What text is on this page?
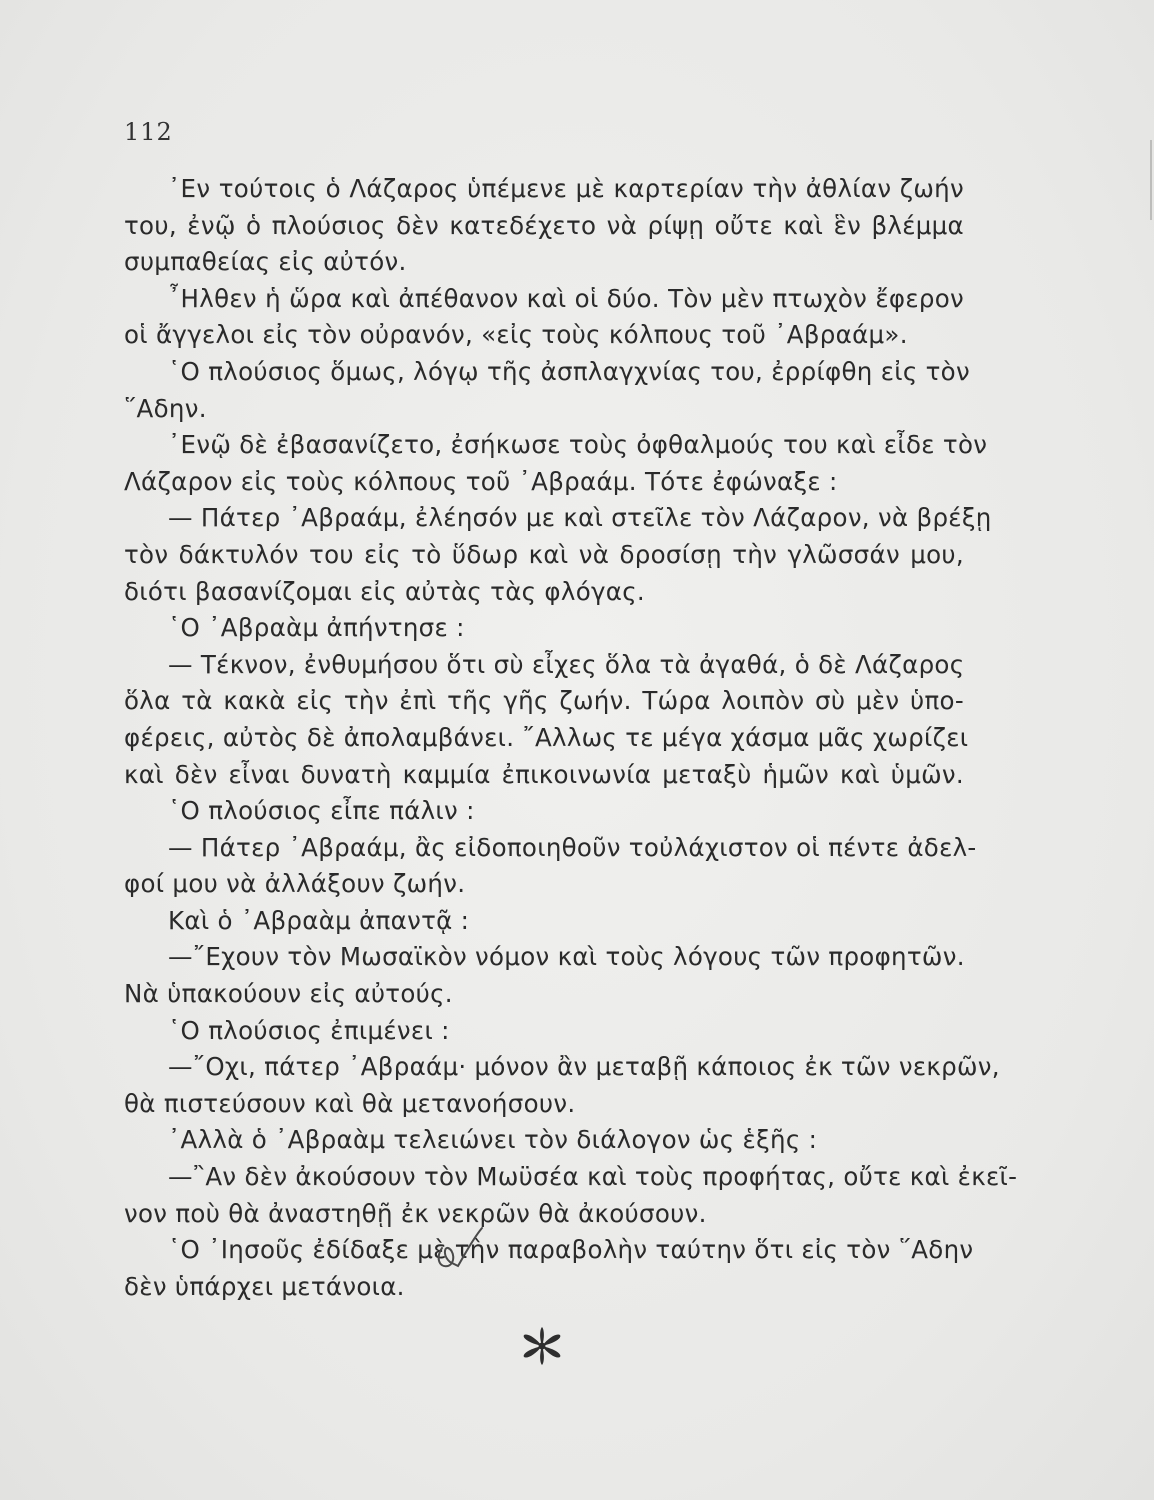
112
᾿Εν τούτοις ὁ Λάζαρος ὑπέμενε μὲ καρτερίαν τὴν ἀθλίαν ζωήν
του, ἐνῷ ὁ πλούσιος δὲν κατεδέχετο νὰ ρίψῃ οὔτε καὶ ἓν βλέμμα
συμπαθείας εἰς αὐτόν.
῏Ηλθεν ἡ ὥρα καὶ ἀπέθανον καὶ οἱ δύο. Τὸν μὲν πτωχὸν ἔφερον
οἱ ἄγγελοι εἰς τὸν οὐρανόν, «εἰς τοὺς κόλπους τοῦ ᾿Αβραάμ».
῾Ο πλούσιος ὅμως, λόγῳ τῆς ἀσπλαγχνίας του, ἐρρίφθη εἰς τὸν
῞Αδην.
᾿Ενῷ δὲ ἐβασανίζετο, ἐσήκωσε τοὺς ὀφθαλμούς του καὶ εἶδε τὸν
Λάζαρον εἰς τοὺς κόλπους τοῦ ᾿Αβραάμ. Τότε ἐφώναξε :
— Πάτερ ᾿Αβραάμ, ἐλέησόν με καὶ στεῖλε τὸν Λάζαρον, νὰ βρέξῃ
τὸν δάκτυλόν του εἰς τὸ ὕδωρ καὶ νὰ δροσίσῃ τὴν γλῶσσάν μου,
διότι βασανίζομαι εἰς αὐτὰς τὰς φλόγας.
῾Ο ᾿Αβραὰμ ἀπήντησε :
— Τέκνον, ἐνθυμήσου ὅτι σὺ εἶχες ὅλα τὰ ἀγαθά, ὁ δὲ Λάζαρος
ὅλα τὰ κακὰ εἰς τὴν ἐπὶ τῆς γῆς ζωήν. Τώρα λοιπὸν σὺ μὲν ὑπο-
φέρεις, αὐτὸς δὲ ἀπολαμβάνει. ῎Αλλως τε μέγα χάσμα μᾶς χωρίζει
καὶ δὲν εἶναι δυνατὴ καμμία ἐπικοινωνία μεταξὺ ἡμῶν καὶ ὑμῶν.
῾Ο πλούσιος εἶπε πάλιν :
— Πάτερ ᾿Αβραάμ, ἂς εἰδοποιηθοῦν τοὐλάχιστον οἱ πέντε ἀδελ-
φοί μου νὰ ἀλλάξουν ζωήν.
Καὶ ὁ ᾿Αβραὰμ ἀπαντᾷ :
—῎Εχουν τὸν Μωσαϊκὸν νόμον καὶ τοὺς λόγους τῶν προφητῶν.
Νὰ ὑπακούουν εἰς αὐτούς.
῾Ο πλούσιος ἐπιμένει :
—῎Οχι, πάτερ ᾿Αβραάμ· μόνον ἂν μεταβῇ κάποιος ἐκ τῶν νεκρῶν,
θὰ πιστεύσουν καὶ θὰ μετανοήσουν.
᾿Αλλὰ ὁ ᾿Αβραὰμ τελειώνει τὸν διάλογον ὡς ἑξῆς :
—῍Αν δὲν ἀκούσουν τὸν Μωϋσέα καὶ τοὺς προφήτας, οὔτε καὶ ἐκεῖ-
νον ποὺ θὰ ἀναστηθῇ ἐκ νεκρῶν θὰ ἀκούσουν.
῾Ο ᾿Ιησοῦς ἐδίδαξε μὲ τὴν παραβολὴν ταύτην ὅτι εἰς τὸν ῞Αδην
δὲν ὑπάρχει μετάνοια.
